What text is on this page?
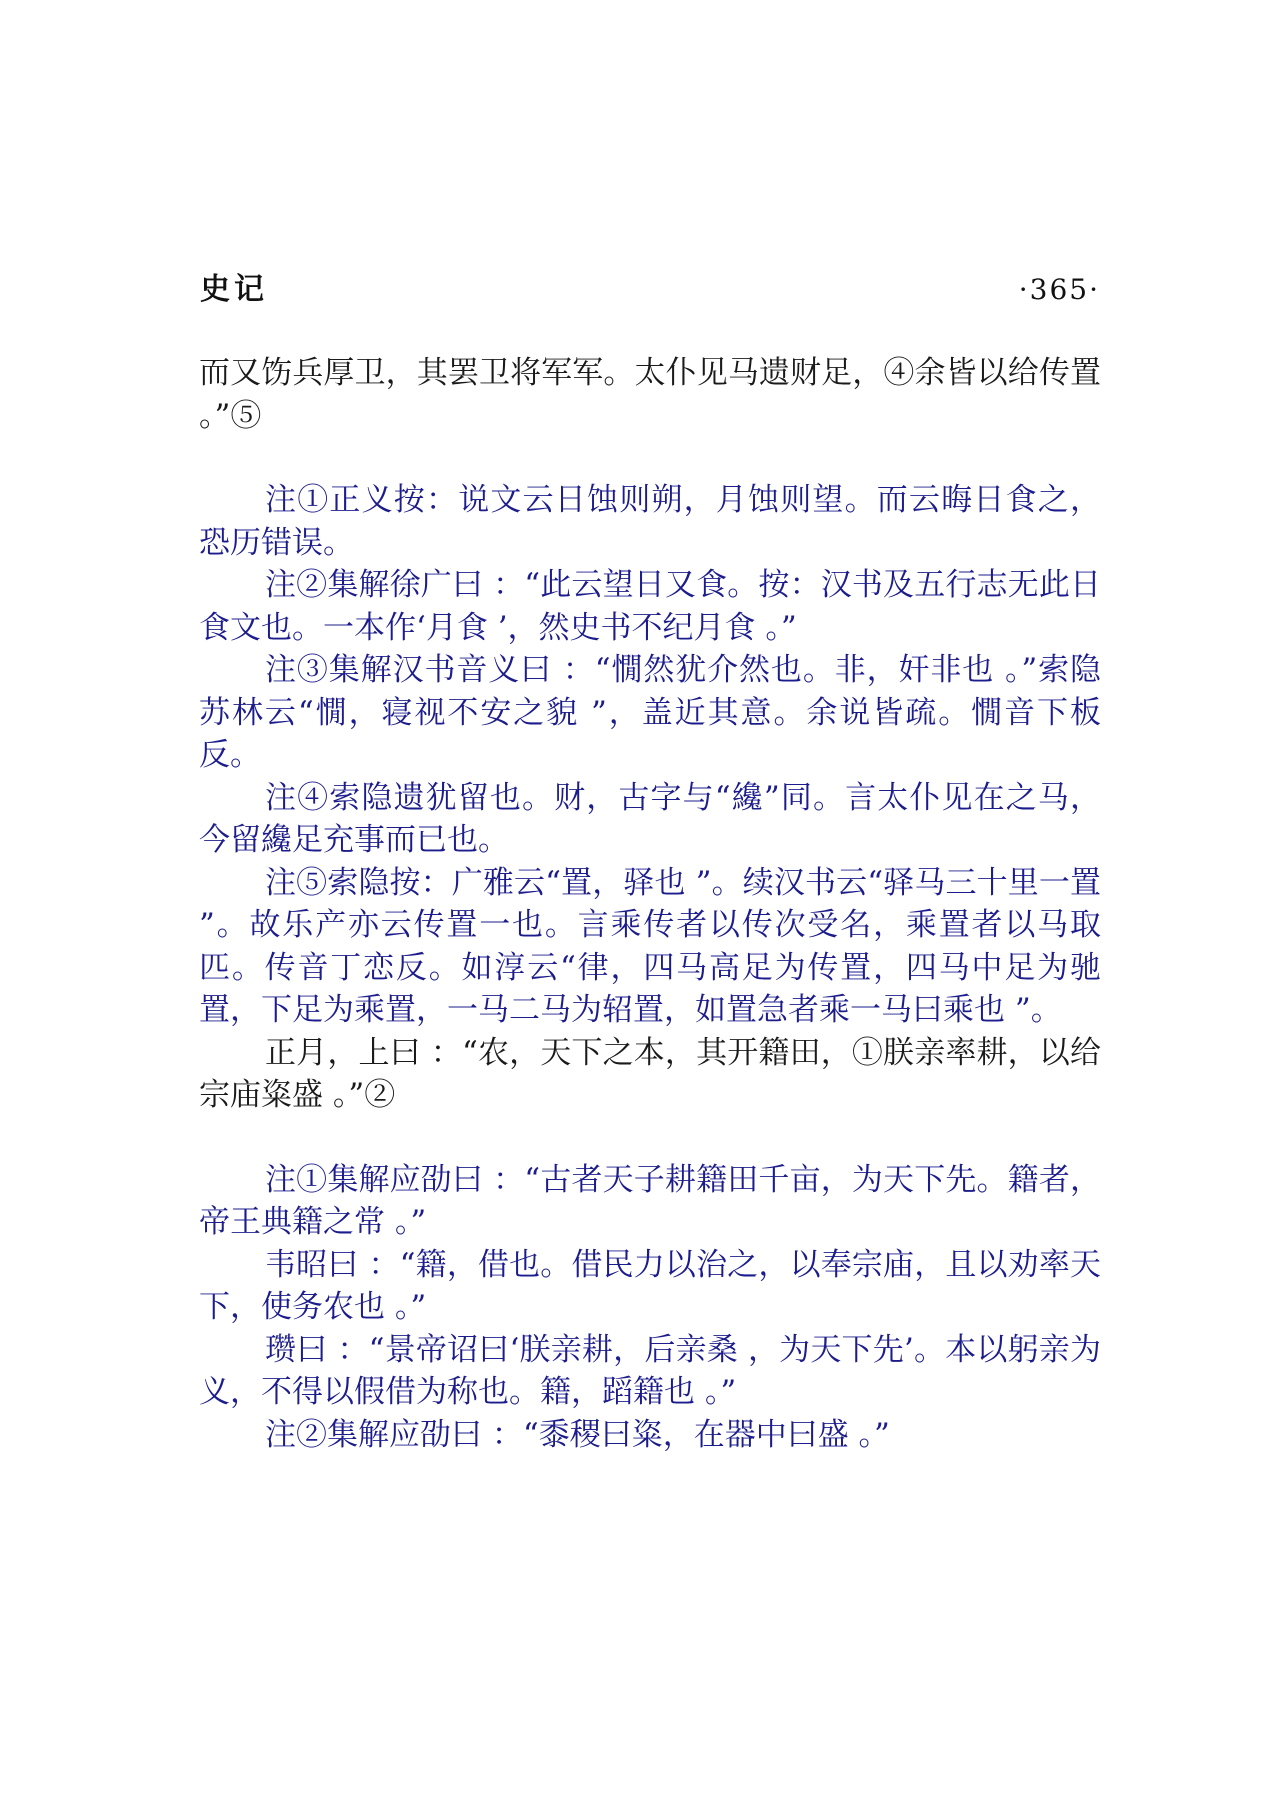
史记	·365·

而又饬兵厚卫，其罢卫将军军。太仆见马遗财足，④余皆以给传置 。”⑤

注①正义按：说文云日蚀则朔，月蚀则望。而云晦日食之，恐历错误。

注②集解徐广曰 ：“此云望日又食。按：汉书及五行志无此日食文也。一本作‘月食 ’，然史书不纪月食 。”

注③集解汉书音义曰 ：“憪然犹介然也。非，奸非也 。”索隐苏林云“憪，寝视不安之貌 ”，盖近其意。余说皆疏。憪音下板反。

注④索隐遗犹留也。财，古字与“纔”同。言太仆见在之马，今留纔足充事而已也。

注⑤索隐按：广雅云“置，驿也 ”。续汉书云“驿马三十里一置 ”。故乐产亦云传置一也。言乘传者以传次受名，乘置者以马取匹。传音丁恋反。如淳云“律，四马高足为传置，四马中足为驰置，下足为乘置，一马二马为轺置，如置急者乘一马曰乘也 ”。

正月，上曰 ：“农，天下之本，其开籍田，①朕亲率耕，以给宗庙粢盛 。”②

注①集解应劭曰 ：“古者天子耕籍田千亩，为天下先。籍者，帝王典籍之常 。”

韦昭曰 ：“籍，借也。借民力以治之，以奉宗庙，且以劝率天下，使务农也 。”

瓒曰 ：“景帝诏曰‘朕亲耕，后亲桑 ，为天下先’。本以躬亲为义，不得以假借为称也。籍，蹈籍也 。”

注②集解应劭曰 ：“黍稷曰粢，在器中曰盛 。”
